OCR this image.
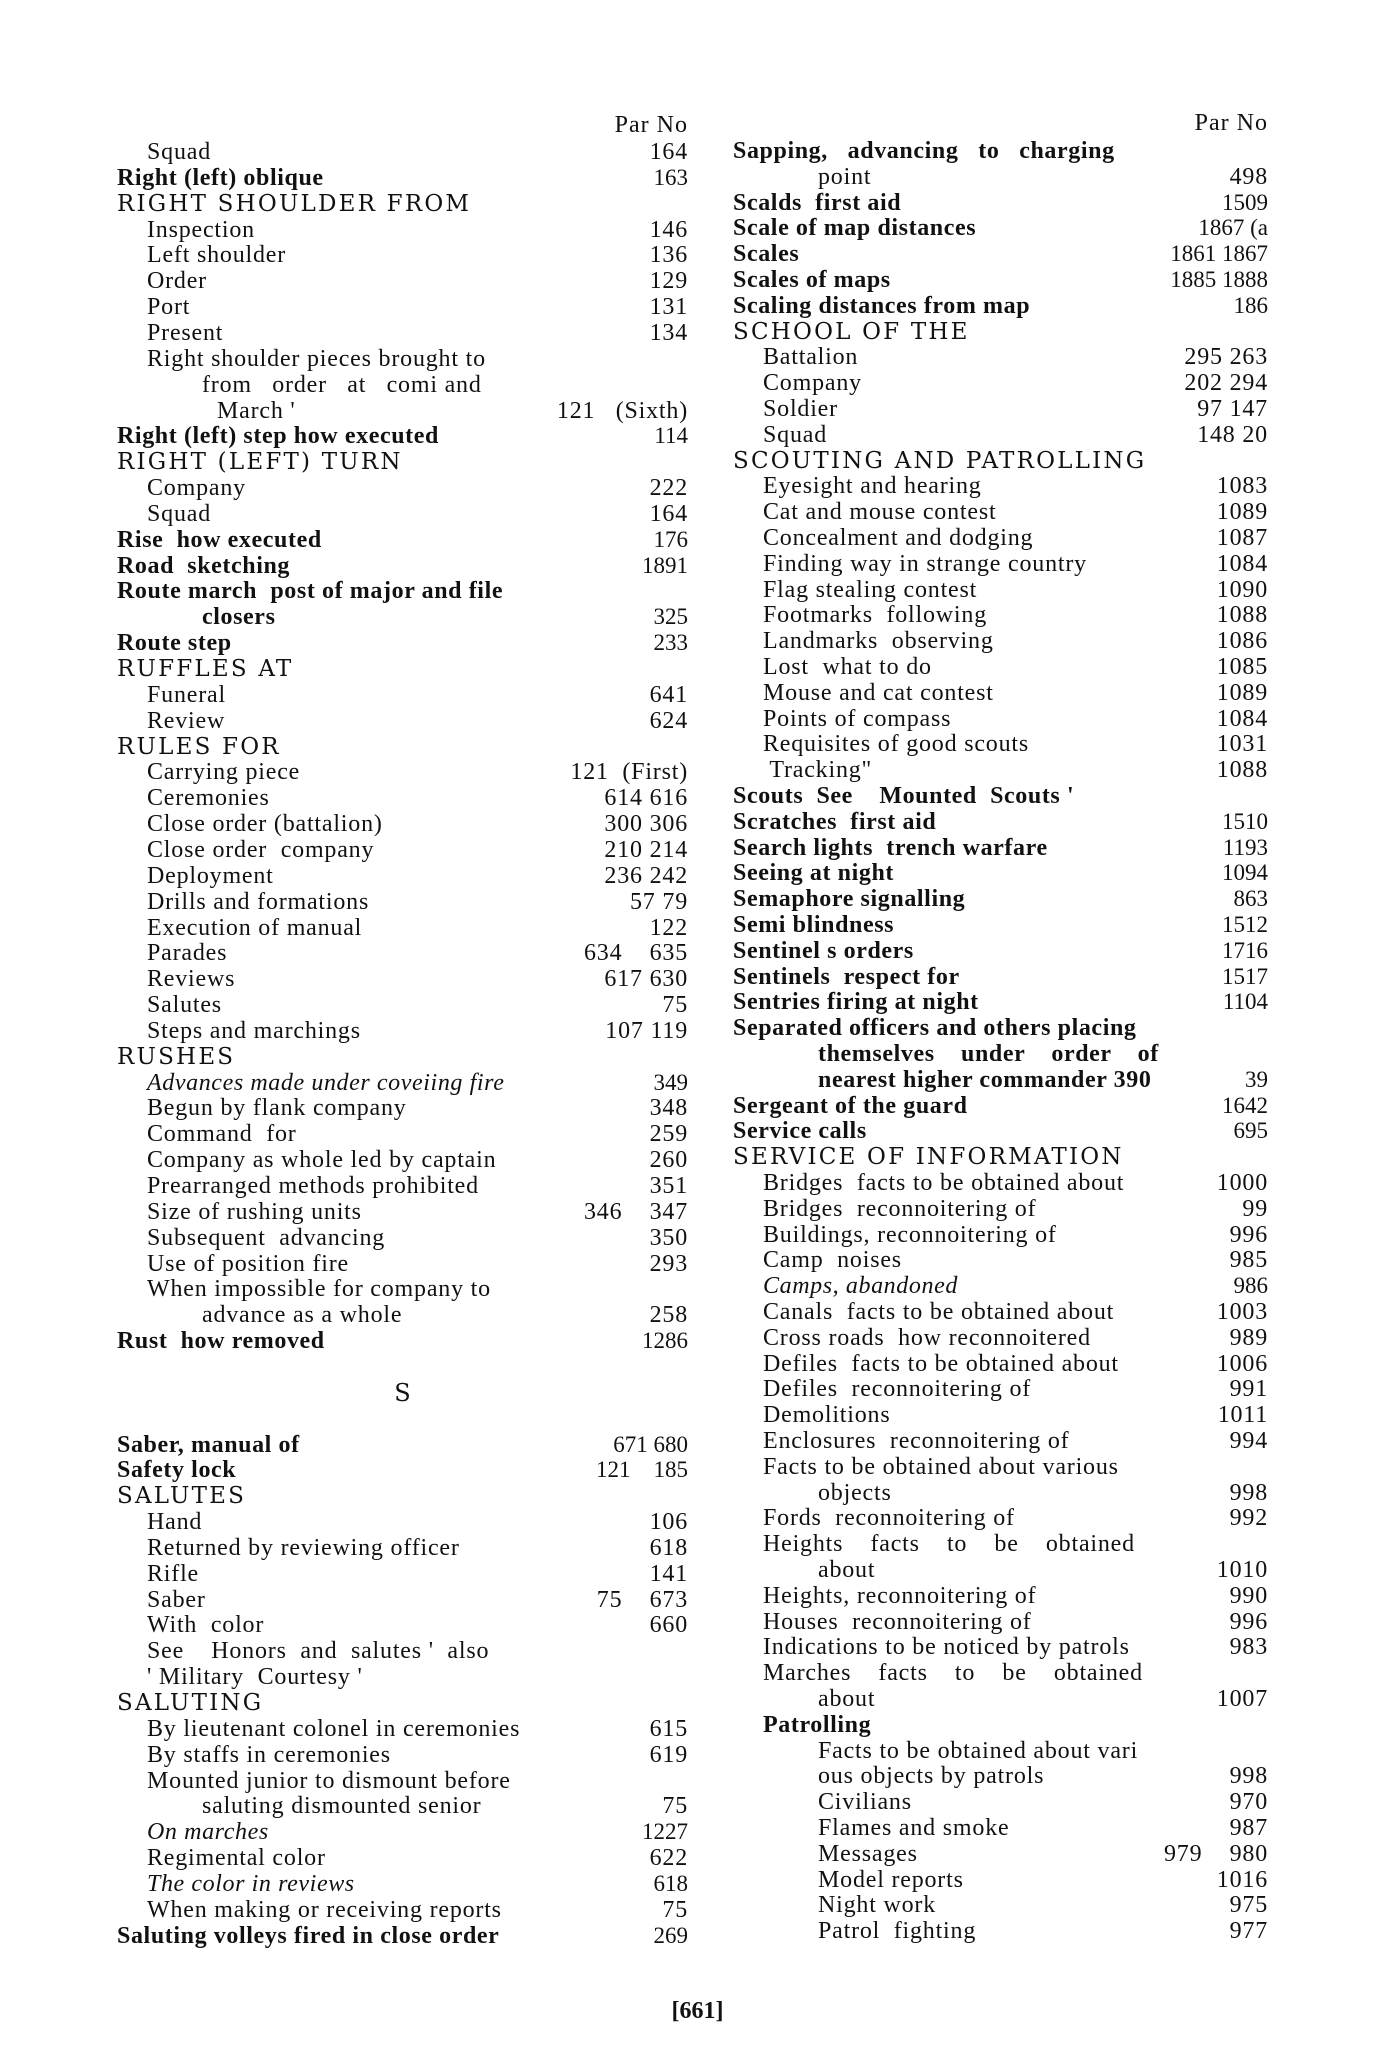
Par No
Squad	164
Right (left) oblique	163
RIGHT SHOULDER FROM
Inspection	146
Left shoulder	136
Order	129
Port	131
Present	134
Right shoulder pieces brought to
from   order   at   comi and
March '	121   (Sixth)
Right (left) step how executed	114
RIGHT (LEFT) TURN
Company	222
Squad	164
Rise  how executed	176
Road  sketching	1891
Route march  post of major and file
closers	325
Route step	233
RUFFLES AT
Funeral	641
Review	624
RULES FOR
Carrying piece	121  (First)
Ceremonies	614 616
Close order (battalion)	300 306
Close order  company	210 214
Deployment	236 242
Drills and formations	57 79
Execution of manual	122
Parades	634    635
Reviews	617 630
Salutes	75
Steps and marchings	107 119
RUSHES
Advances made under coveiing fire	349
Begun by flank company	348
Command  for	259
Company as whole led by captain	260
Prearranged methods prohibited	351
Size of rushing units	346    347
Subsequent  advancing	350
Use of position fire	293
When impossible for company to
advance as a whole	258
Rust  how removed	1286
S
Saber, manual of	671 680
Safety lock	121    185
SALUTES
Hand	106
Returned by reviewing officer	618
Rifle	141
Saber	75    673
With  color	660
See    Honors  and  salutes '  also
' Military  Courtesy '
SALUTING
By lieutenant colonel in ceremonies	615
By staffs in ceremonies	619
Mounted junior to dismount before
saluting dismounted senior	75
On marches	1227
Regimental color	622
The color in reviews	618
When making or receiving reports	75
Saluting volleys fired in close order	269
Par No
Sapping,   advancing   to   charging
point	498
Scalds  first aid	1509
Scale of map distances	1867 (a
Scales	1861 1867
Scales of maps	1885 1888
Scaling distances from map	186
SCHOOL OF THE
Battalion	295 263
Company	202 294
Soldier	97 147
Squad	148 20
SCOUTING AND PATROLLING
Eyesight and hearing	1083
Cat and mouse contest	1089
Concealment and dodging	1087
Finding way in strange country	1084
Flag stealing contest	1090
Footmarks  following	1088
Landmarks  observing	1086
Lost  what to do	1085
Mouse and cat contest	1089
Points of compass	1084
Requisites of good scouts	1031
Tracking"	1088
Scouts  See    Mounted  Scouts '
Scratches  first aid	1510
Search lights  trench warfare	1193
Seeing at night	1094
Semaphore signalling	863
Semi blindness	1512
Sentinel s orders	1716
Sentinels  respect for	1517
Sentries firing at night	1104
Separated officers and others placing
themselves    under    order    of
nearest higher commander 390	39
Sergeant of the guard	1642
Service calls	695
SERVICE OF INFORMATION
Bridges  facts to be obtained about	1000
Bridges  reconnoitering of	99
Buildings, reconnoitering of	996
Camp  noises	985
Camps, abandoned	986
Canals  facts to be obtained about	1003
Cross roads  how reconnoitered	989
Defiles  facts to be obtained about	1006
Defiles  reconnoitering of	991
Demolitions	1011
Enclosures  reconnoitering of	994
Facts to be obtained about various
objects	998
Fords  reconnoitering of	992
Heights    facts    to    be    obtained
about	1010
Heights, reconnoitering of	990
Houses  reconnoitering of	996
Indications to be noticed by patrols	983
Marches    facts    to    be    obtained
about	1007
Patrolling
Facts to be obtained about vari
ous objects by patrols	998
Civilians	970
Flames and smoke	987
Messages	979    980
Model reports	1016
Night work	975
Patrol  fighting	977
[661]
